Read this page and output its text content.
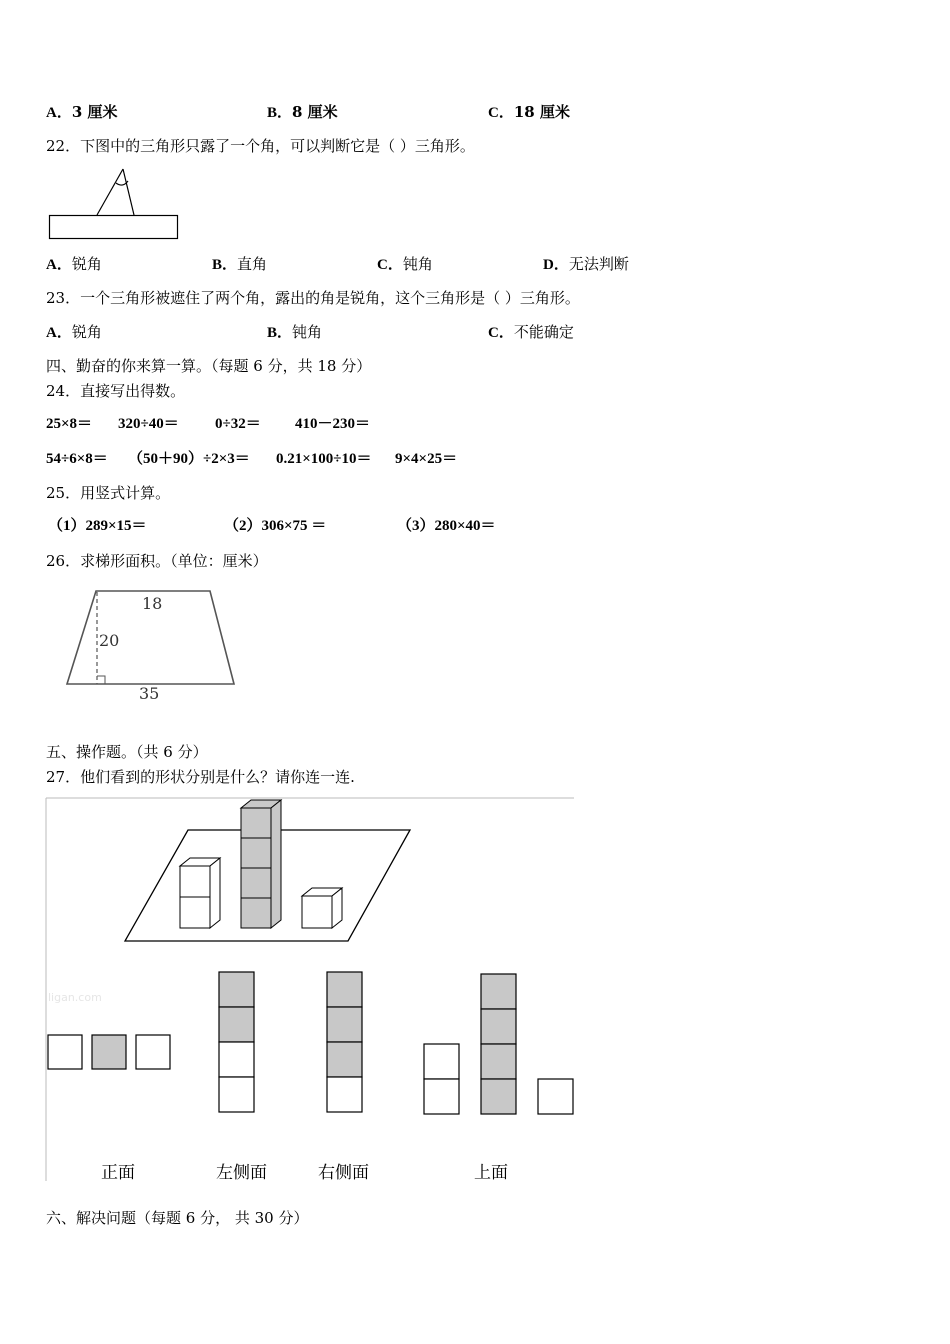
A．3 厘米	B．8 厘米	C．18 厘米
22．下图中的三角形只露了一个角，可以判断它是（ ）三角形。
A．锐角	B．直角	C．钝角	D．无法判断
23．一个三角形被遮住了两个角，露出的角是锐角，这个三角形是（ ）三角形。
A．锐角	B．钝角	C．不能确定
四、勤奋的你来算一算。（每题 6 分，共 18 分）
24．直接写出得数。
25×8＝ 320÷40＝ 0÷32＝ 410－230＝
54÷6×8＝ （50＋90）÷2×3＝ 0.21×100÷10＝ 9×4×25＝
25．用竖式计算。
（1）289×15＝	（2）306×75 ＝	（3）280×40＝
26．求梯形面积。（单位：厘米）
18
20
35
五、操作题。（共 6 分）
27．他们看到的形状分别是什么？请你连一连.
ligan.com
正面	左侧面	右侧面	上面
六、解决问题（每题 6 分， 共 30 分）
